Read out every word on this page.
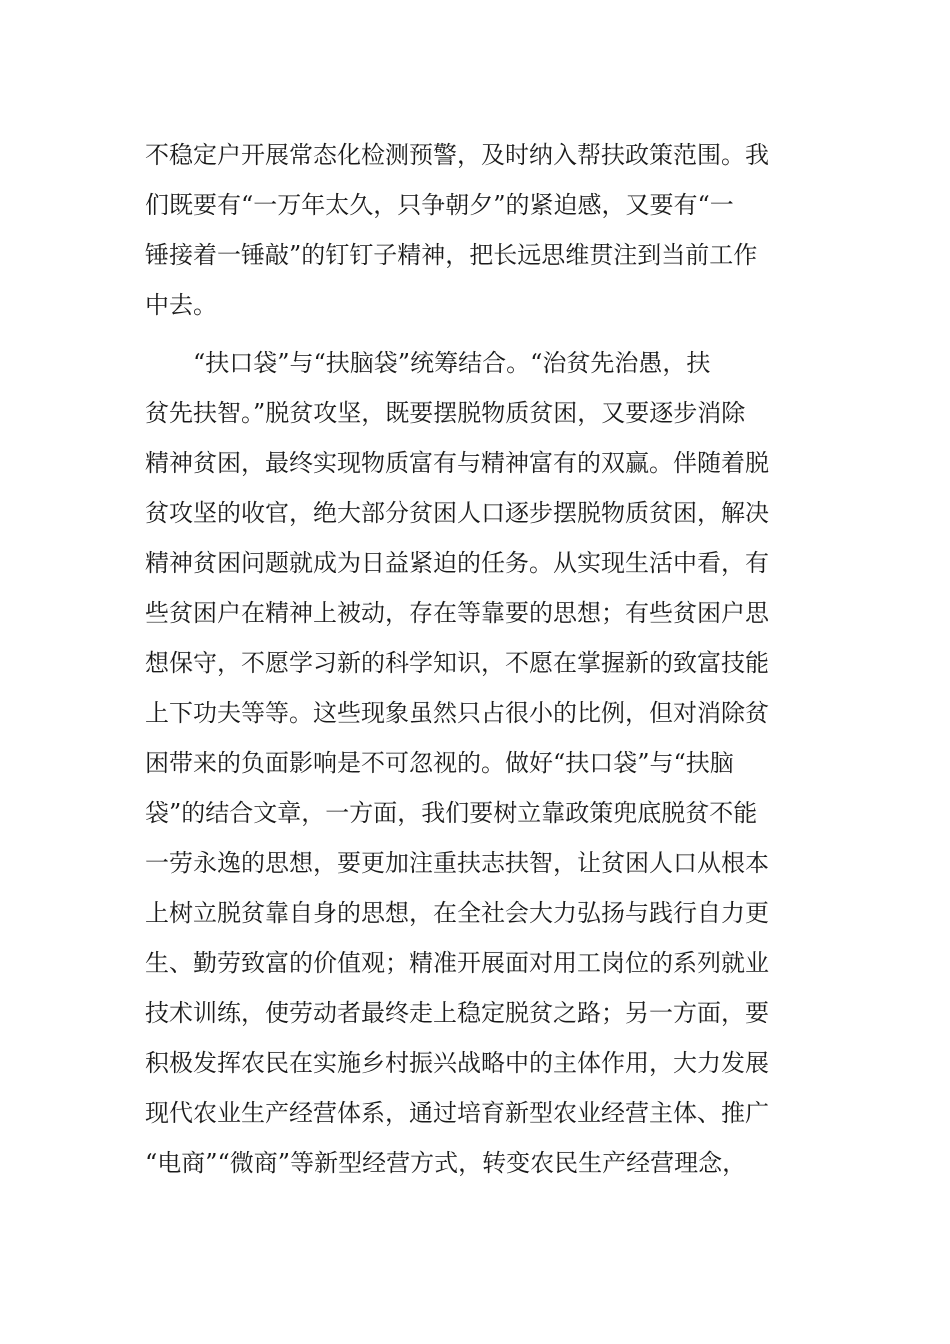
不稳定户开展常态化检测预警，及时纳入帮扶政策范围。我
们既要有“一万年太久，只争朝夕”的紧迫感，又要有“一
锤接着一锤敲”的钉钉子精神，把长远思维贯注到当前工作
中去。
“扶口袋”与“扶脑袋”统筹结合。“治贫先治愚，扶
贫先扶智。”脱贫攻坚，既要摆脱物质贫困，又要逐步消除
精神贫困，最终实现物质富有与精神富有的双赢。伴随着脱
贫攻坚的收官，绝大部分贫困人口逐步摆脱物质贫困，解决
精神贫困问题就成为日益紧迫的任务。从实现生活中看，有
些贫困户在精神上被动，存在等靠要的思想；有些贫困户思
想保守，不愿学习新的科学知识，不愿在掌握新的致富技能
上下功夫等等。这些现象虽然只占很小的比例，但对消除贫
困带来的负面影响是不可忽视的。做好“扶口袋”与“扶脑
袋”的结合文章，一方面，我们要树立靠政策兜底脱贫不能
一劳永逸的思想，要更加注重扶志扶智，让贫困人口从根本
上树立脱贫靠自身的思想，在全社会大力弘扬与践行自力更
生、勤劳致富的价值观；精准开展面对用工岗位的系列就业
技术训练，使劳动者最终走上稳定脱贫之路；另一方面，要
积极发挥农民在实施乡村振兴战略中的主体作用，大力发展
现代农业生产经营体系，通过培育新型农业经营主体、推广
“电商”“微商”等新型经营方式，转变农民生产经营理念，
